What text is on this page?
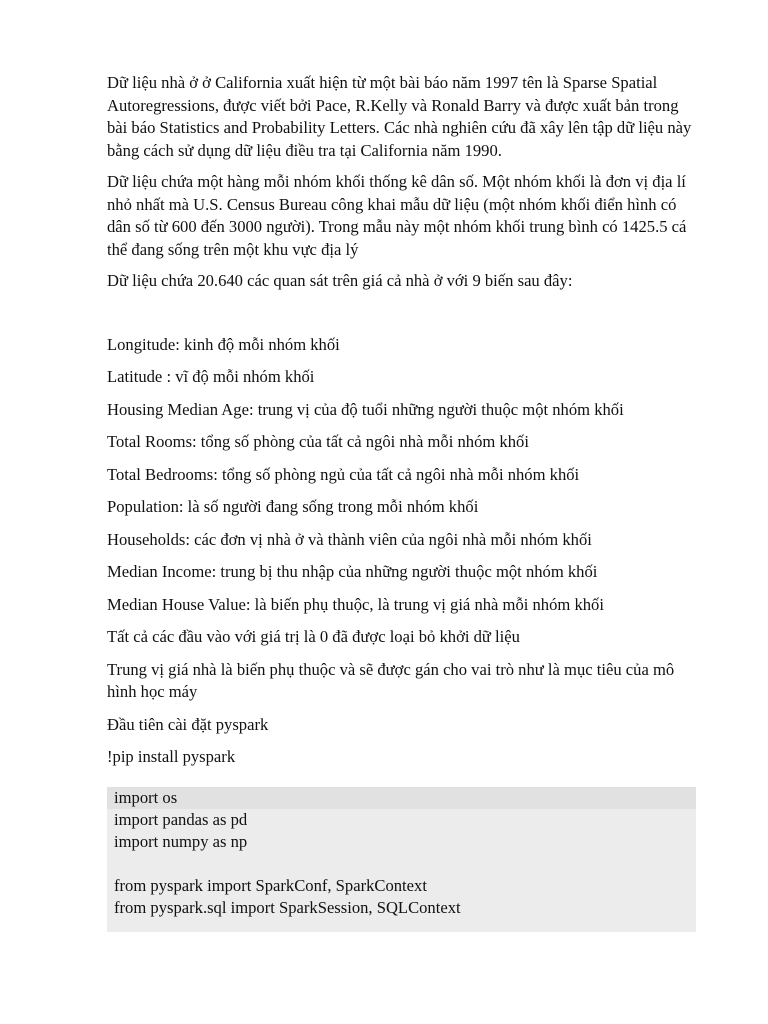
Dữ liệu nhà ở ở California xuất hiện từ một bài báo năm 1997 tên là Sparse Spatial Autoregressions, được viết bởi Pace, R.Kelly và Ronald Barry và được xuất bản trong bài báo Statistics and Probability Letters. Các nhà nghiên cứu đã xây lên tập dữ liệu này bằng cách sử dụng dữ liệu điều tra tại California năm 1990.

Dữ liệu chứa một hàng mỗi nhóm khối thống kê dân số. Một nhóm khối là đơn vị địa lí nhỏ nhất mà U.S. Census Bureau công khai mẫu dữ liệu (một nhóm khối điển hình có dân số từ 600 đến 3000 người). Trong mẫu này một nhóm khối trung bình có 1425.5 cá thể đang sống trên một khu vực địa lý

Dữ liệu chứa 20.640 các quan sát trên giá cả nhà ở với 9 biến sau đây:

Longitude: kinh độ mỗi nhóm khối

Latitude : vĩ độ mỗi nhóm khối

Housing Median Age: trung vị của độ tuổi những người thuộc một nhóm khối

Total Rooms: tổng số phòng của tất cả ngôi nhà mỗi nhóm khối

Total Bedrooms: tổng số phòng ngủ của tất cả ngôi nhà mỗi nhóm khối

Population: là số người đang sống trong mỗi nhóm khối

Households: các đơn vị nhà ở và thành viên của ngôi nhà mỗi nhóm khối

Median Income: trung bị thu nhập của những người thuộc một nhóm khối

Median House Value: là biến phụ thuộc, là trung vị giá nhà mỗi nhóm khối

Tất cả các đầu vào với giá trị là 0 đã được loại bỏ khởi dữ liệu

Trung vị giá nhà là biến phụ thuộc và sẽ được gán cho vai trò như là mục tiêu của mô hình học máy

Đầu tiên cài đặt pyspark

!pip install pyspark

import os
import pandas as pd
import numpy as np
from pyspark import SparkConf, SparkContext
from pyspark.sql import SparkSession, SQLContext
